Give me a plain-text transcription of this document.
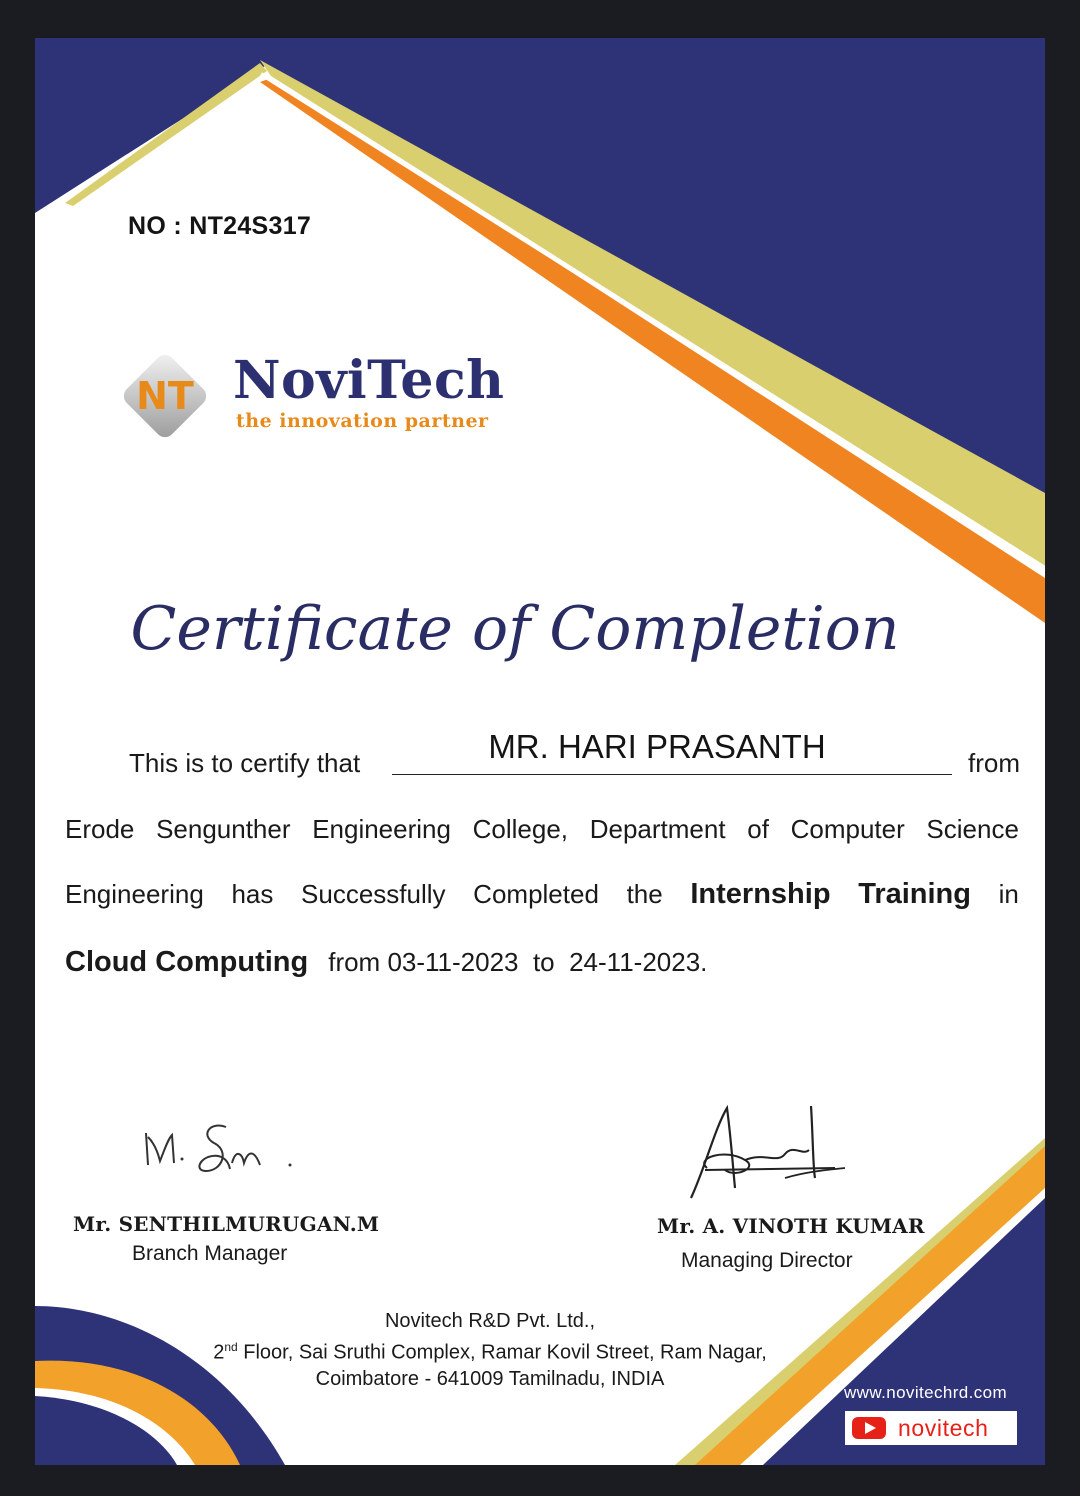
NO : NT24S317
NT NoviTech
the innovation partner
Certificate of Completion
This is to certify that	MR. HARI PRASANTH	from
Erode Sengunther Engineering College, Department of Computer Science
Engineering has Successfully Completed the Internship Training in
Cloud Computing from 03-11-2023  to  24-11-2023.
Mr. SENTHILMURUGAN.M
Branch Manager
Mr. A. VINOTH KUMAR
Managing Director
Novitech R&D Pvt. Ltd.,
2nd Floor, Sai Sruthi Complex, Ramar Kovil Street, Ram Nagar,
Coimbatore - 641009 Tamilnadu, INDIA
www.novitechrd.com
novitech
